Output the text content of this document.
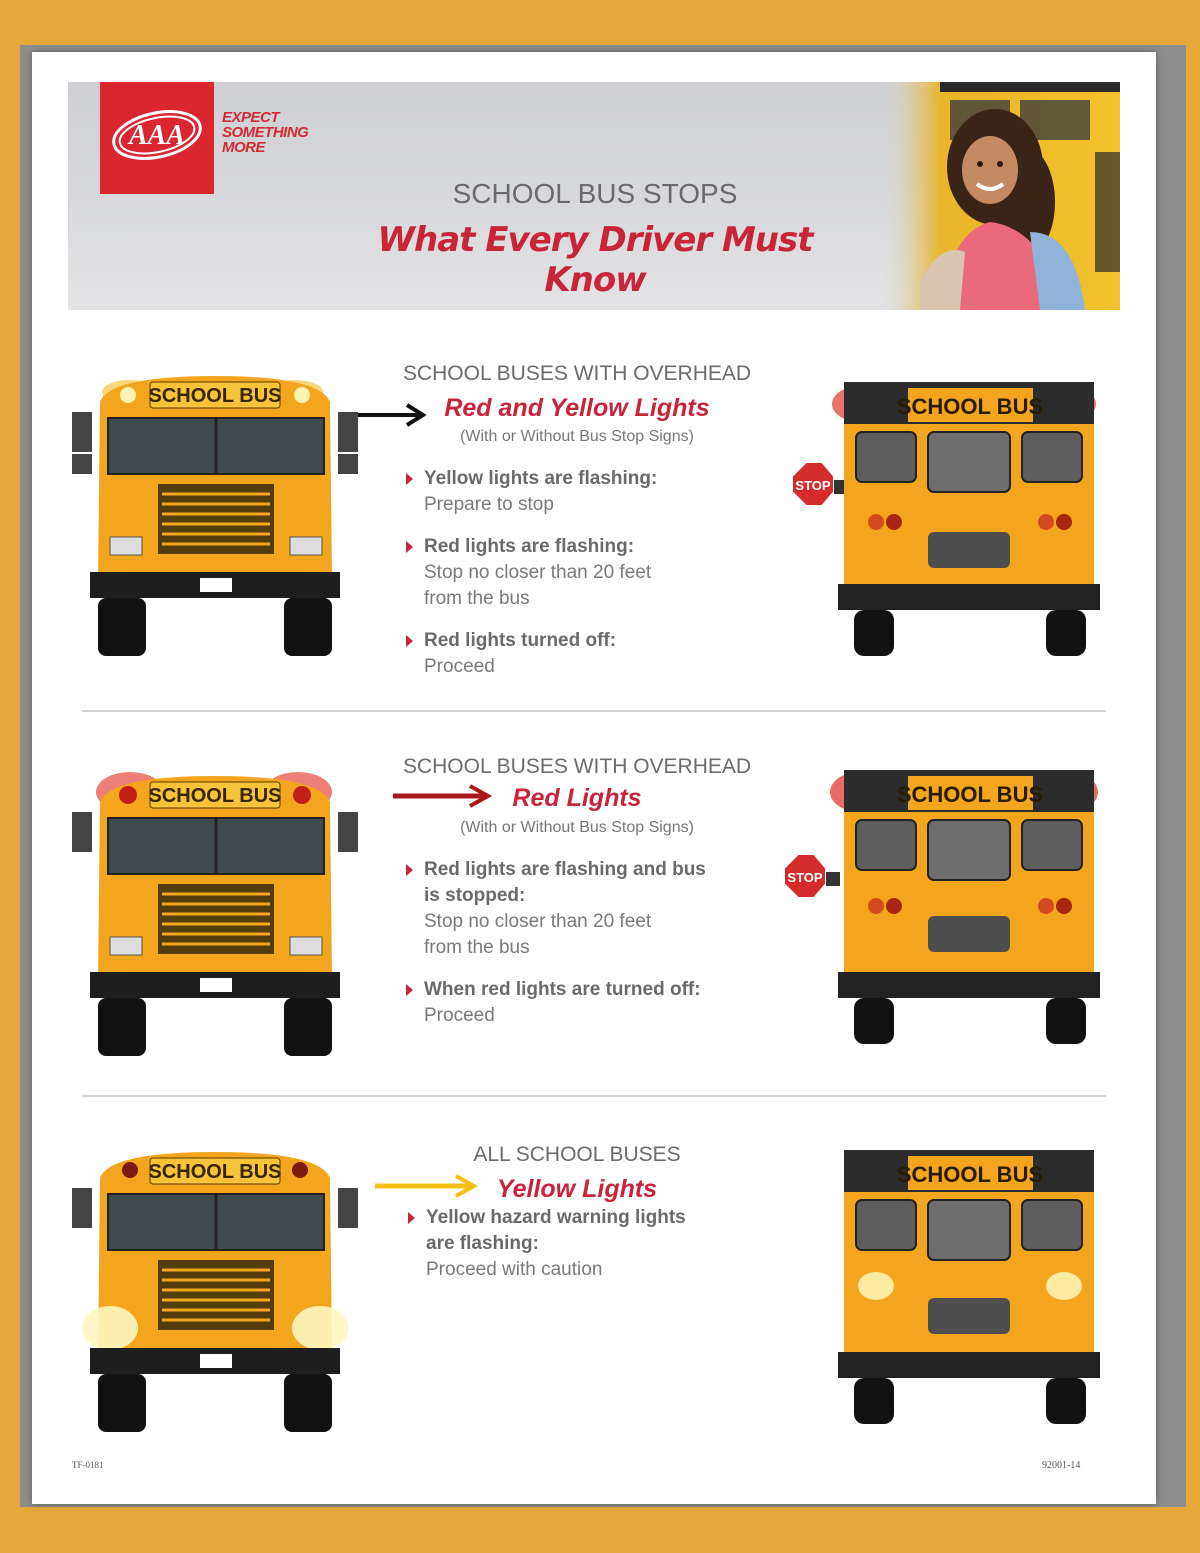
AAA
EXPECT
SOMETHING
MORE
SCHOOL BUS STOPS
What Every Driver Must Know
SCHOOL BUSES WITH OVERHEAD
Red and Yellow Lights
(With or Without Bus Stop Signs)
Yellow lights are flashing:
Prepare to stop
Red lights are flashing:
Stop no closer than 20 feet
from the bus
Red lights turned off:
Proceed
SCHOOL BUS	SCHOOL BUS
STOP
SCHOOL BUSES WITH OVERHEAD
Red Lights
(With or Without Bus Stop Signs)
Red lights are flashing and bus
is stopped:
Stop no closer than 20 feet
from the bus
When red lights are turned off:
Proceed
SCHOOL BUS	SCHOOL BUS
STOP
ALL SCHOOL BUSES
Yellow Lights
Yellow hazard warning lights
are flashing:
Proceed with caution
SCHOOL BUS	SCHOOL BUS
TF-0181	92001-14
